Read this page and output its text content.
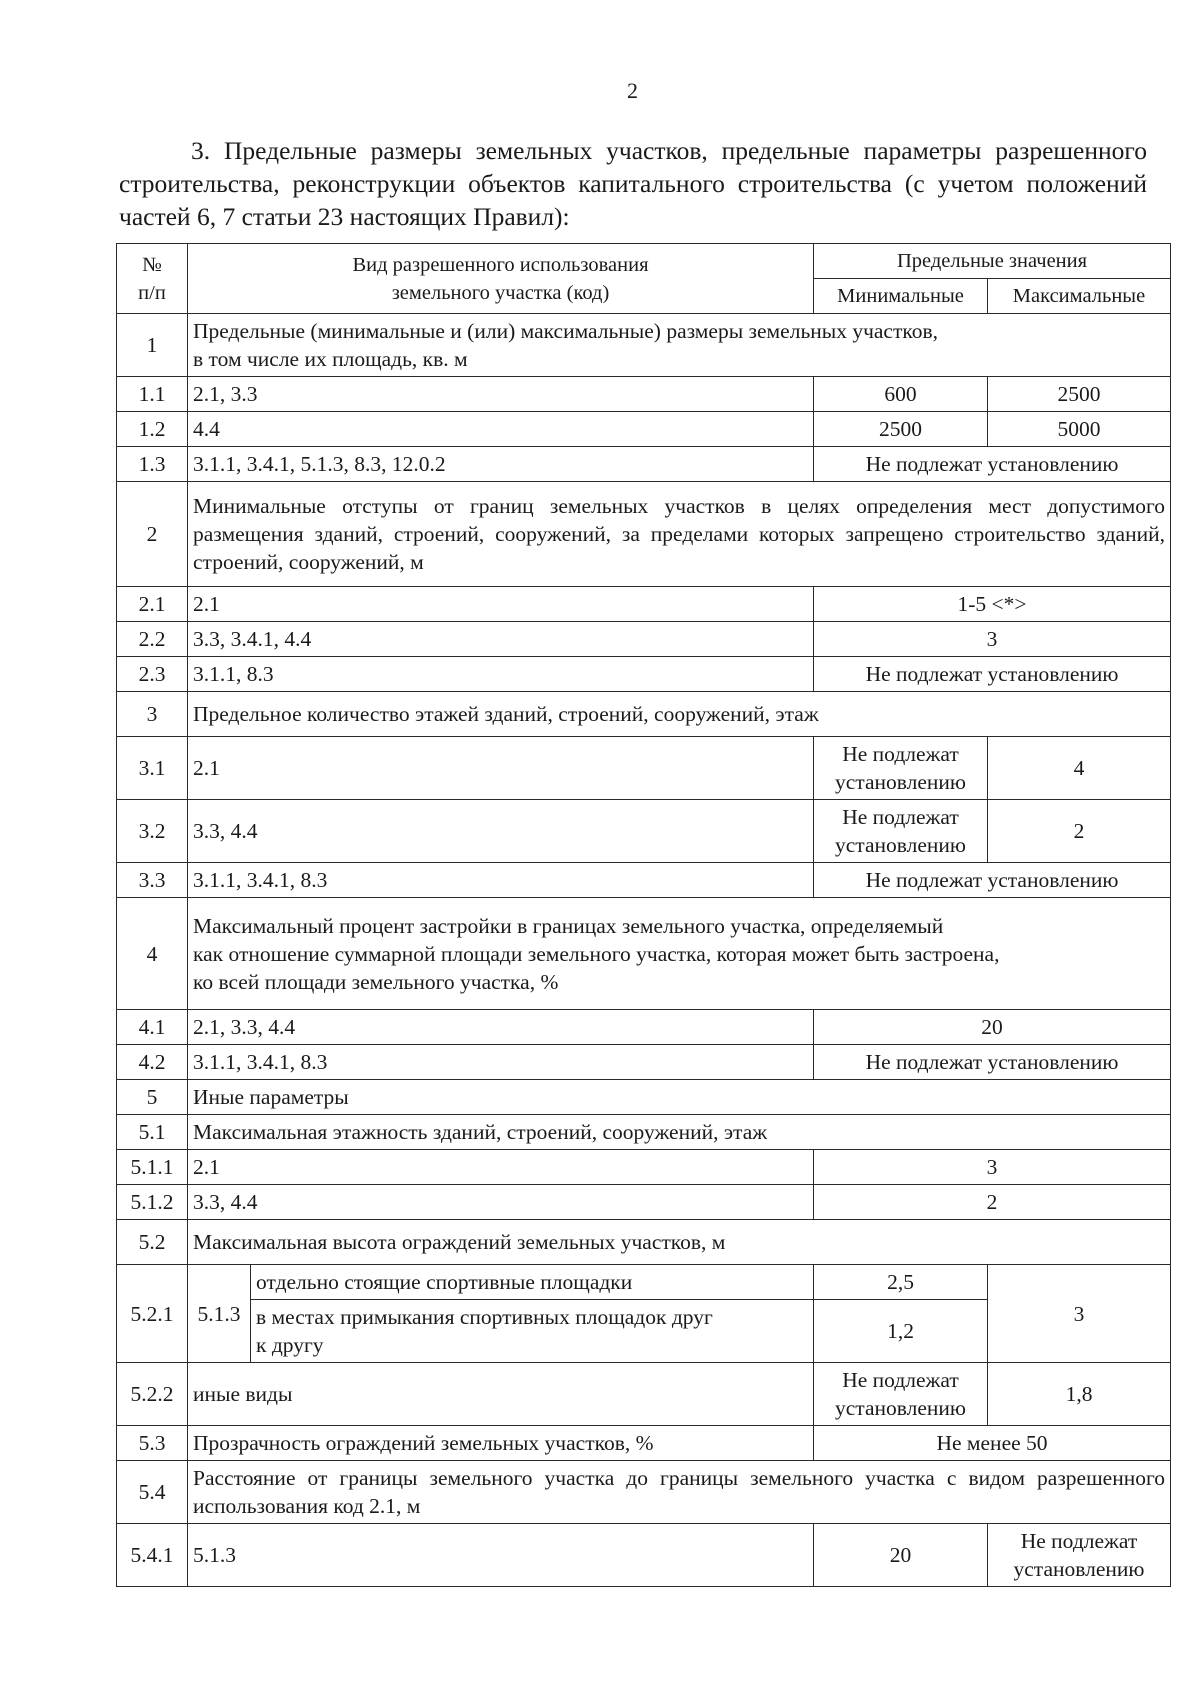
2

3. Предельные размеры земельных участков, предельные параметры разрешенного строительства, реконструкции объектов капитального строительства (с учетом положений частей 6, 7 статьи 23 настоящих Правил):

№
п/п	Вид разрешенного использования
земельного участка (код)		Предельные значения	
			Минимальные	Максимальные
1	Предельные (минимальные и (или) максимальные) размеры земельных участков,
в том числе их площадь, кв. м			
1.1	2.1, 3.3		600	2500
1.2	4.4		2500	5000
1.3	3.1.1, 3.4.1, 5.1.3, 8.3, 12.0.2		Не подлежат установлению	
2	Минимальные отступы от границ земельных участков в целях определения мест допустимого размещения зданий, строений, сооружений, за пределами которых запрещено строительство зданий, строений, сооружений, м			
2.1	2.1		1-5 <*>	
2.2	3.3, 3.4.1, 4.4		3	
2.3	3.1.1, 8.3		Не подлежат установлению	
3	Предельное количество этажей зданий, строений, сооружений, этаж			
3.1	2.1		Не подлежат
установлению	4
3.2	3.3, 4.4		Не подлежат
установлению	2
3.3	3.1.1, 3.4.1, 8.3		Не подлежат установлению	
4	Максимальный процент застройки в границах земельного участка, определяемый
как отношение суммарной площади земельного участка, которая может быть застроена,
ко всей площади земельного участка, %			
4.1	2.1, 3.3, 4.4		20	
4.2	3.1.1, 3.4.1, 8.3		Не подлежат установлению	
5	Иные параметры			
5.1	Максимальная этажность зданий, строений, сооружений, этаж			
5.1.1	2.1		3	
5.1.2	3.3, 4.4		2	
5.2	Максимальная высота ограждений земельных участков, м			
5.2.1	5.1.3	отдельно стоящие спортивные площадки	2,5	3
		в местах примыкания спортивных площадок друг
к другу	1,2	
5.2.2	иные виды		Не подлежат
установлению	1,8
5.3	Прозрачность ограждений земельных участков, %		Не менее 50	
5.4	Расстояние от границы земельного участка до границы земельного участка с видом разрешенного использования код 2.1, м			
5.4.1	5.1.3		20	Не подлежат
установлению
